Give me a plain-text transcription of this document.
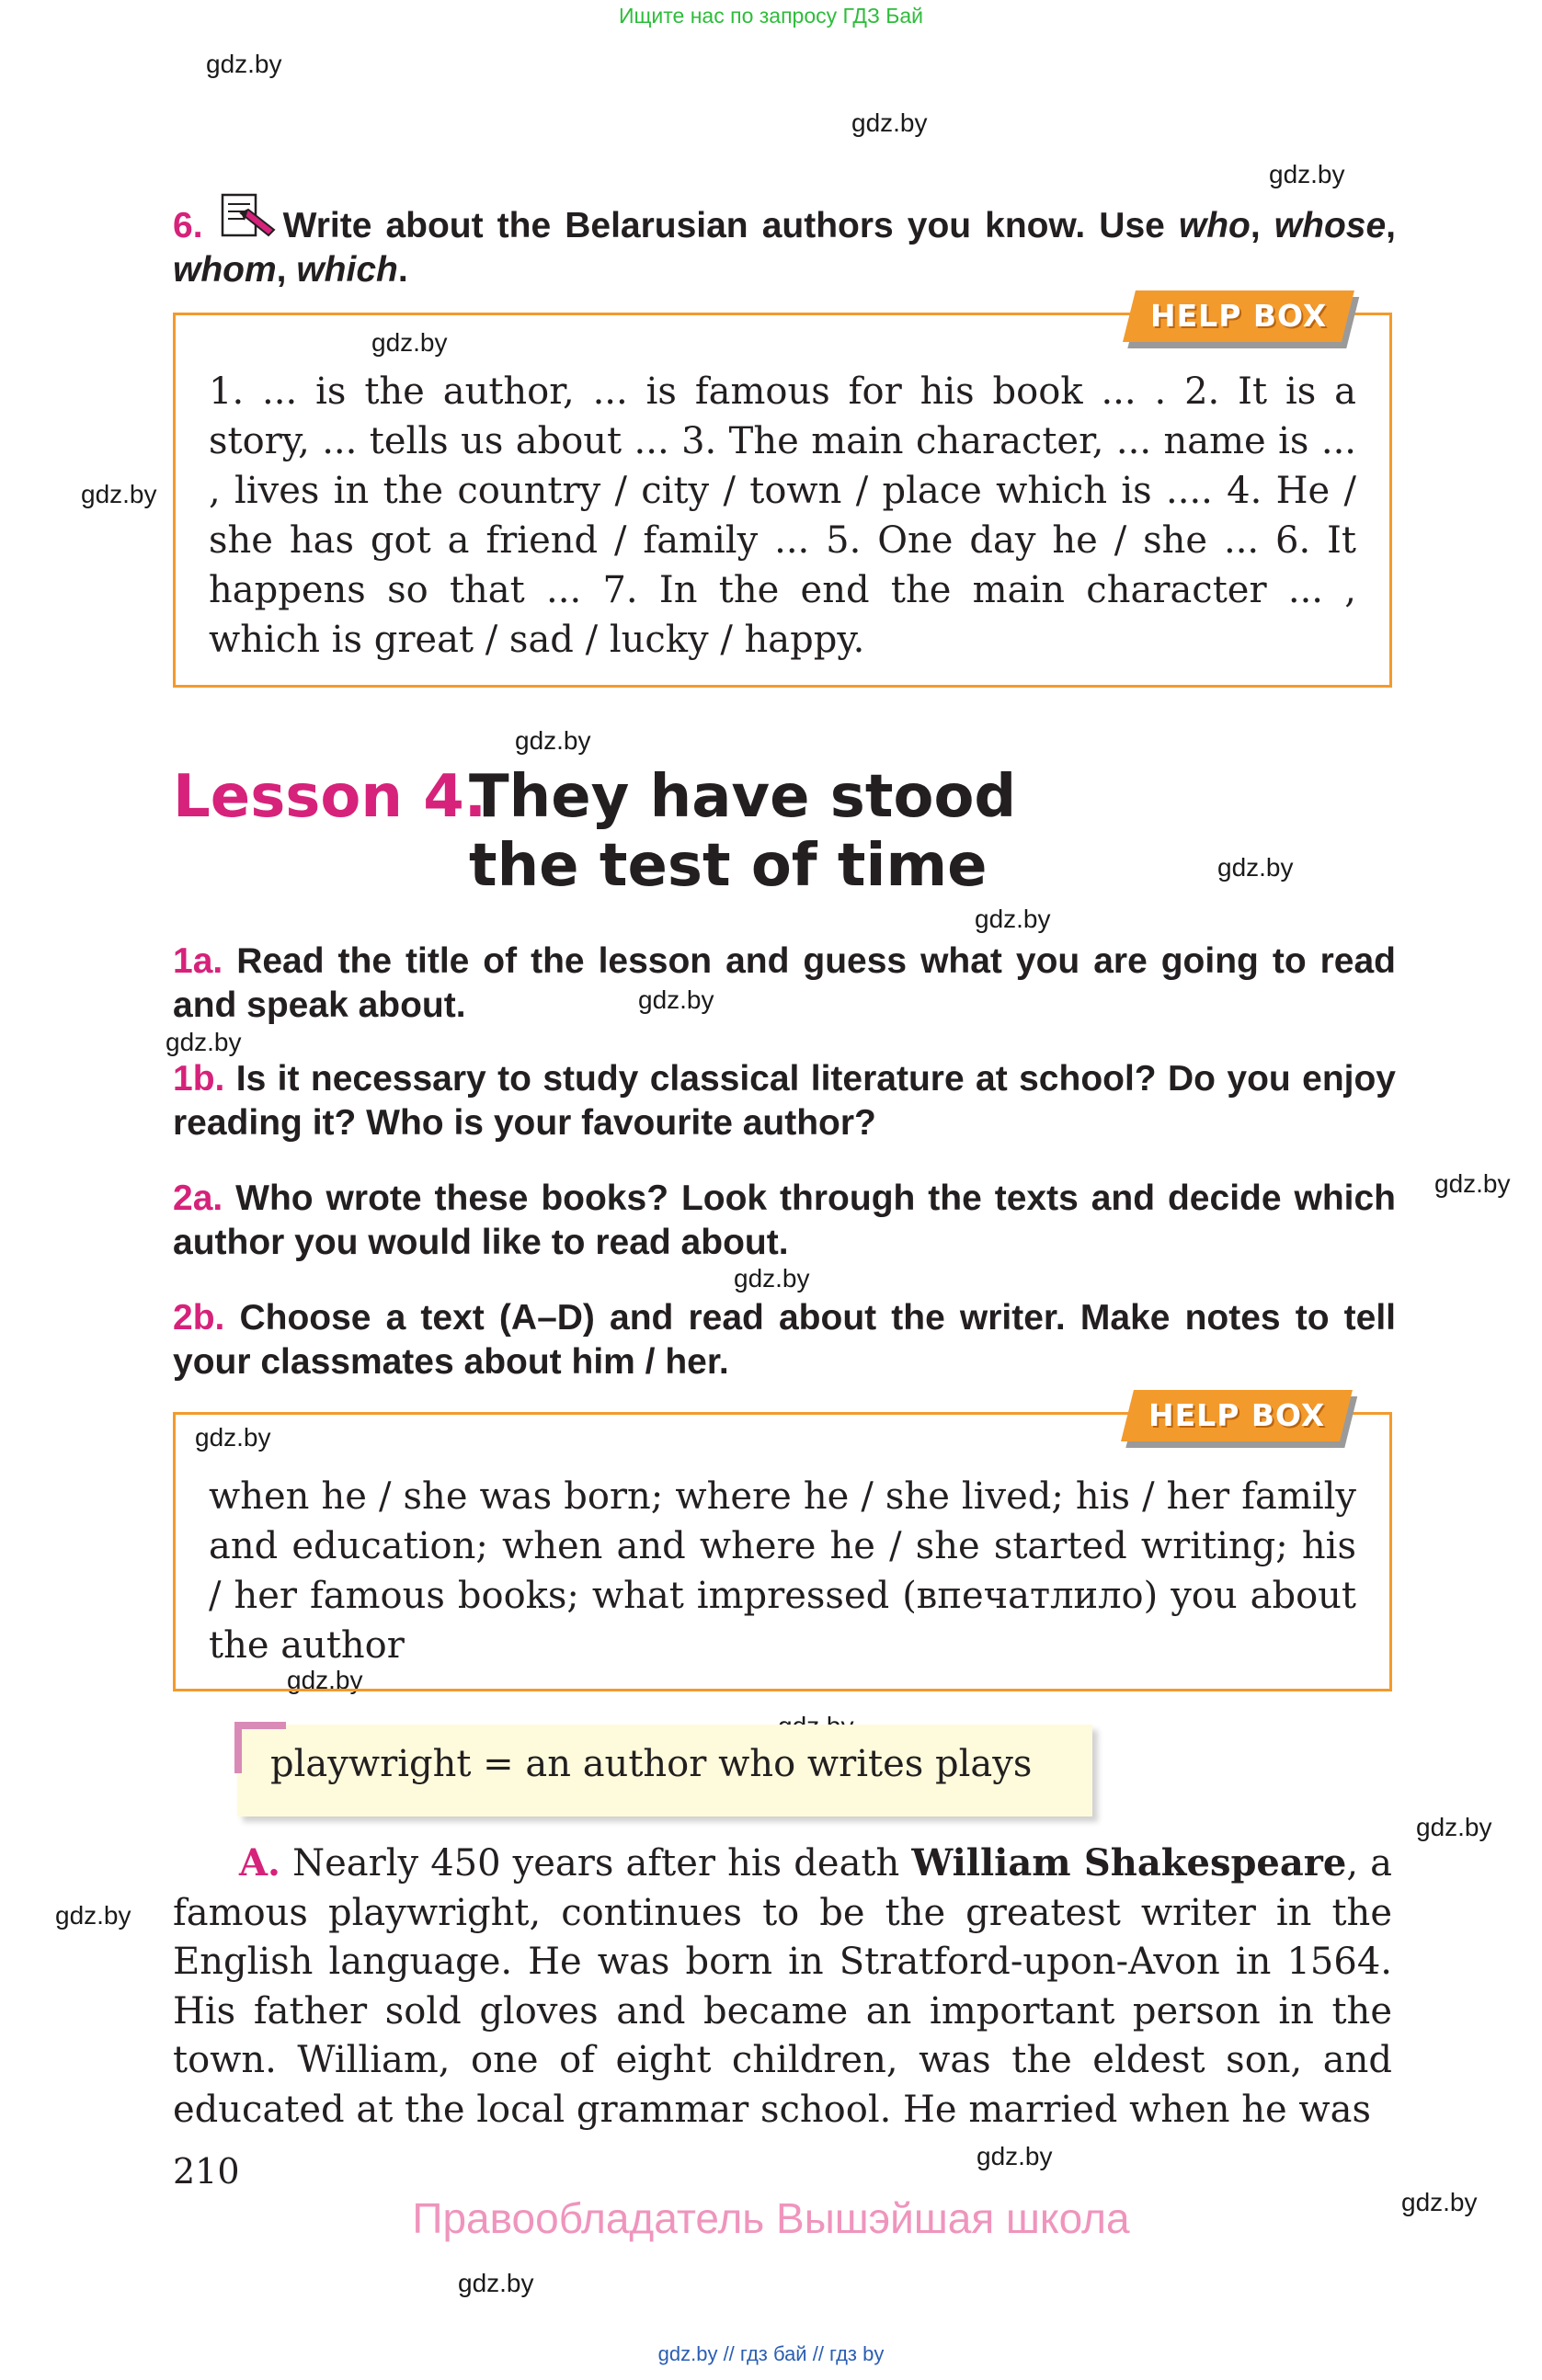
Ищите нас по запросу ГДЗ Бай
gdz.by
gdz.by
gdz.by
gdz.by
gdz.by
gdz.by
gdz.by
gdz.by
gdz.by
gdz.by
gdz.by
gdz.by
gdz.by
gdz.by
gdz.by
gdz.by
gdz.by
gdz.by
gdz.by
6. Write about the Belarusian authors you know. Use who, whose, whom, which.
1. ... is the author, ... is famous for his book ... . 2. It is a story, ... tells us about ... 3. The main character, ... name is ... , lives in the country / city / town / place which is .... 4. He / she has got a friend / family ... 5. One day he / she ... 6. It happens so that ... 7. In the end the main character ... , which is great / sad / lucky / happy.
HELP BOX
Lesson 4.
They have stood
the test of time
1a. Read the title of the lesson and guess what you are going to read and speak about.
1b. Is it necessary to study classical literature at school? Do you enjoy reading it? Who is your favourite author?
2a. Who wrote these books? Look through the texts and decide which author you would like to read about.
2b. Choose a text (A–D) and read about the writer. Make notes to tell your classmates about him / her.
when he / she was born; where he / she lived; his / her family and education; when and where he / she started writing; his / her famous books; what impressed (впечатлило) you about the author
HELP BOX
playwright = an author who writes plays
A. Nearly 450 years after his death William Shakespeare, a famous playwright, continues to be the greatest writer in the English language. He was born in Stratford-upon-Avon in 1564. His father sold gloves and became an important person in the town. William, one of eight children, was the eldest son, and educated at the local grammar school. He married when he was
210
Правообладатель Вышэйшая школа
gdz.by // гдз бай // гдз by
